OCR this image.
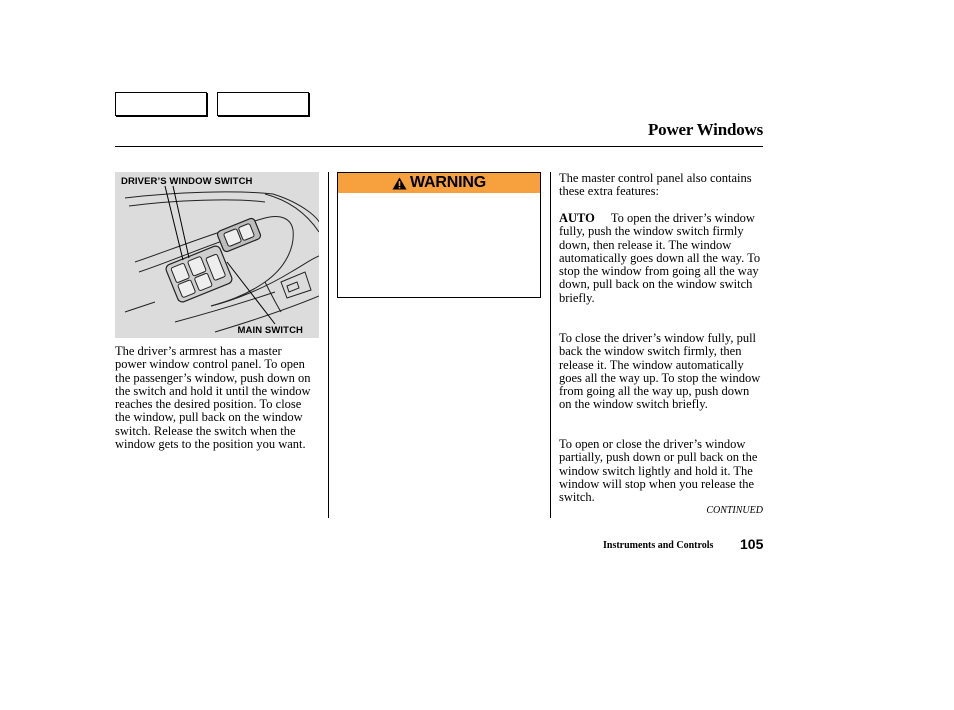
Power Windows
DRIVER’S WINDOW SWITCH
MAIN SWITCH
The driver’s armrest has a master power window control panel. To open the passenger’s window, push down on the switch and hold it until the window reaches the desired position. To close the window, pull back on the window switch. Release the switch when the window gets to the position you want.
WARNING	The master control panel also contains these extra features:
AUTO To open the driver’s window fully, push the window switch firmly down, then release it. The window automatically goes down all the way. To stop the window from going all the way down, pull back on the window switch briefly.
To close the driver’s window fully, pull back the window switch firmly, then release it. The window automatically goes all the way up. To stop the window from going all the way up, push down on the window switch briefly.
To open or close the driver’s window partially, push down or pull back on the window switch lightly and hold it. The window will stop when you release the switch.
CONTINUED
Instruments and Controls 105
